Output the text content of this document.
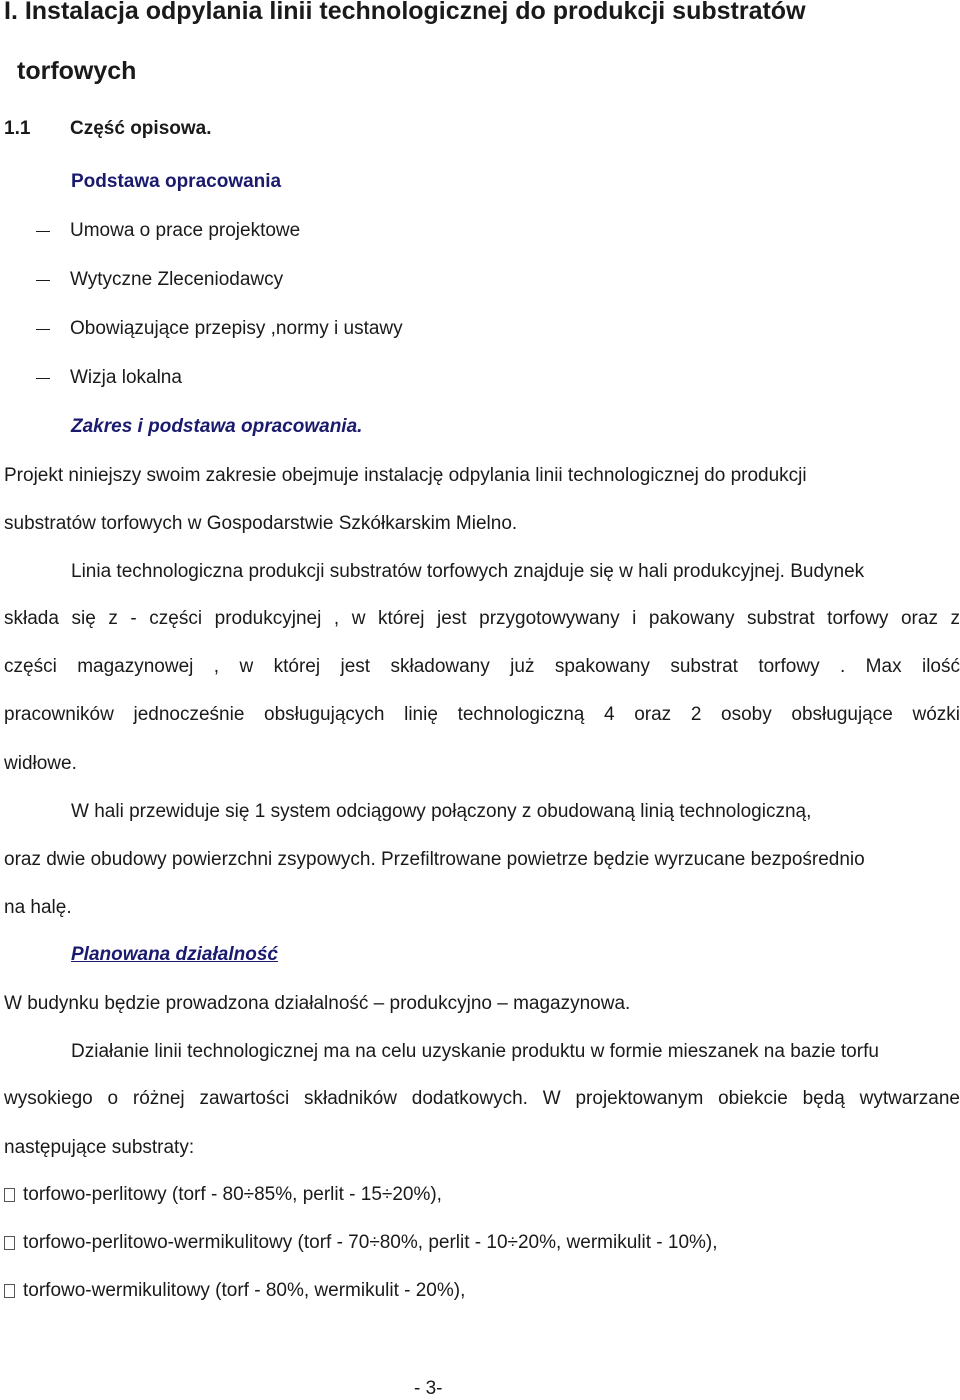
I. Instalacja odpylania linii technologicznej do produkcji substratów
torfowych
1.1 Część opisowa.
Podstawa opracowania
Umowa o prace projektowe
Wytyczne Zleceniodawcy
Obowiązujące przepisy ,normy i ustawy
Wizja lokalna
Zakres i podstawa opracowania.
Projekt niniejszy swoim zakresie obejmuje instalację odpylania linii technologicznej do produkcji
substratów torfowych w Gospodarstwie Szkółkarskim Mielno.
Linia technologiczna produkcji substratów torfowych znajduje się w hali produkcyjnej. Budynek
składa się z - części produkcyjnej , w której jest przygotowywany i pakowany substrat torfowy oraz z
części magazynowej , w której jest składowany już spakowany substrat torfowy . Max ilość
pracowników jednocześnie obsługujących linię technologiczną 4 oraz 2 osoby obsługujące wózki
widłowe.
W hali przewiduje się 1 system odciągowy połączony z obudowaną linią technologiczną,
oraz dwie obudowy powierzchni zsypowych. Przefiltrowane powietrze będzie wyrzucane bezpośrednio
na halę.
Planowana działalność
W budynku będzie prowadzona działalność – produkcyjno – magazynowa.
Działanie linii technologicznej ma na celu uzyskanie produktu w formie mieszanek na bazie torfu
wysokiego o różnej zawartości składników dodatkowych. W projektowanym obiekcie będą wytwarzane
następujące substraty:
torfowo-perlitowy (torf - 80÷85%, perlit - 15÷20%),
torfowo-perlitowo-wermikulitowy (torf - 70÷80%, perlit - 10÷20%, wermikulit - 10%),
torfowo-wermikulitowy (torf - 80%, wermikulit - 20%),
- 3-
